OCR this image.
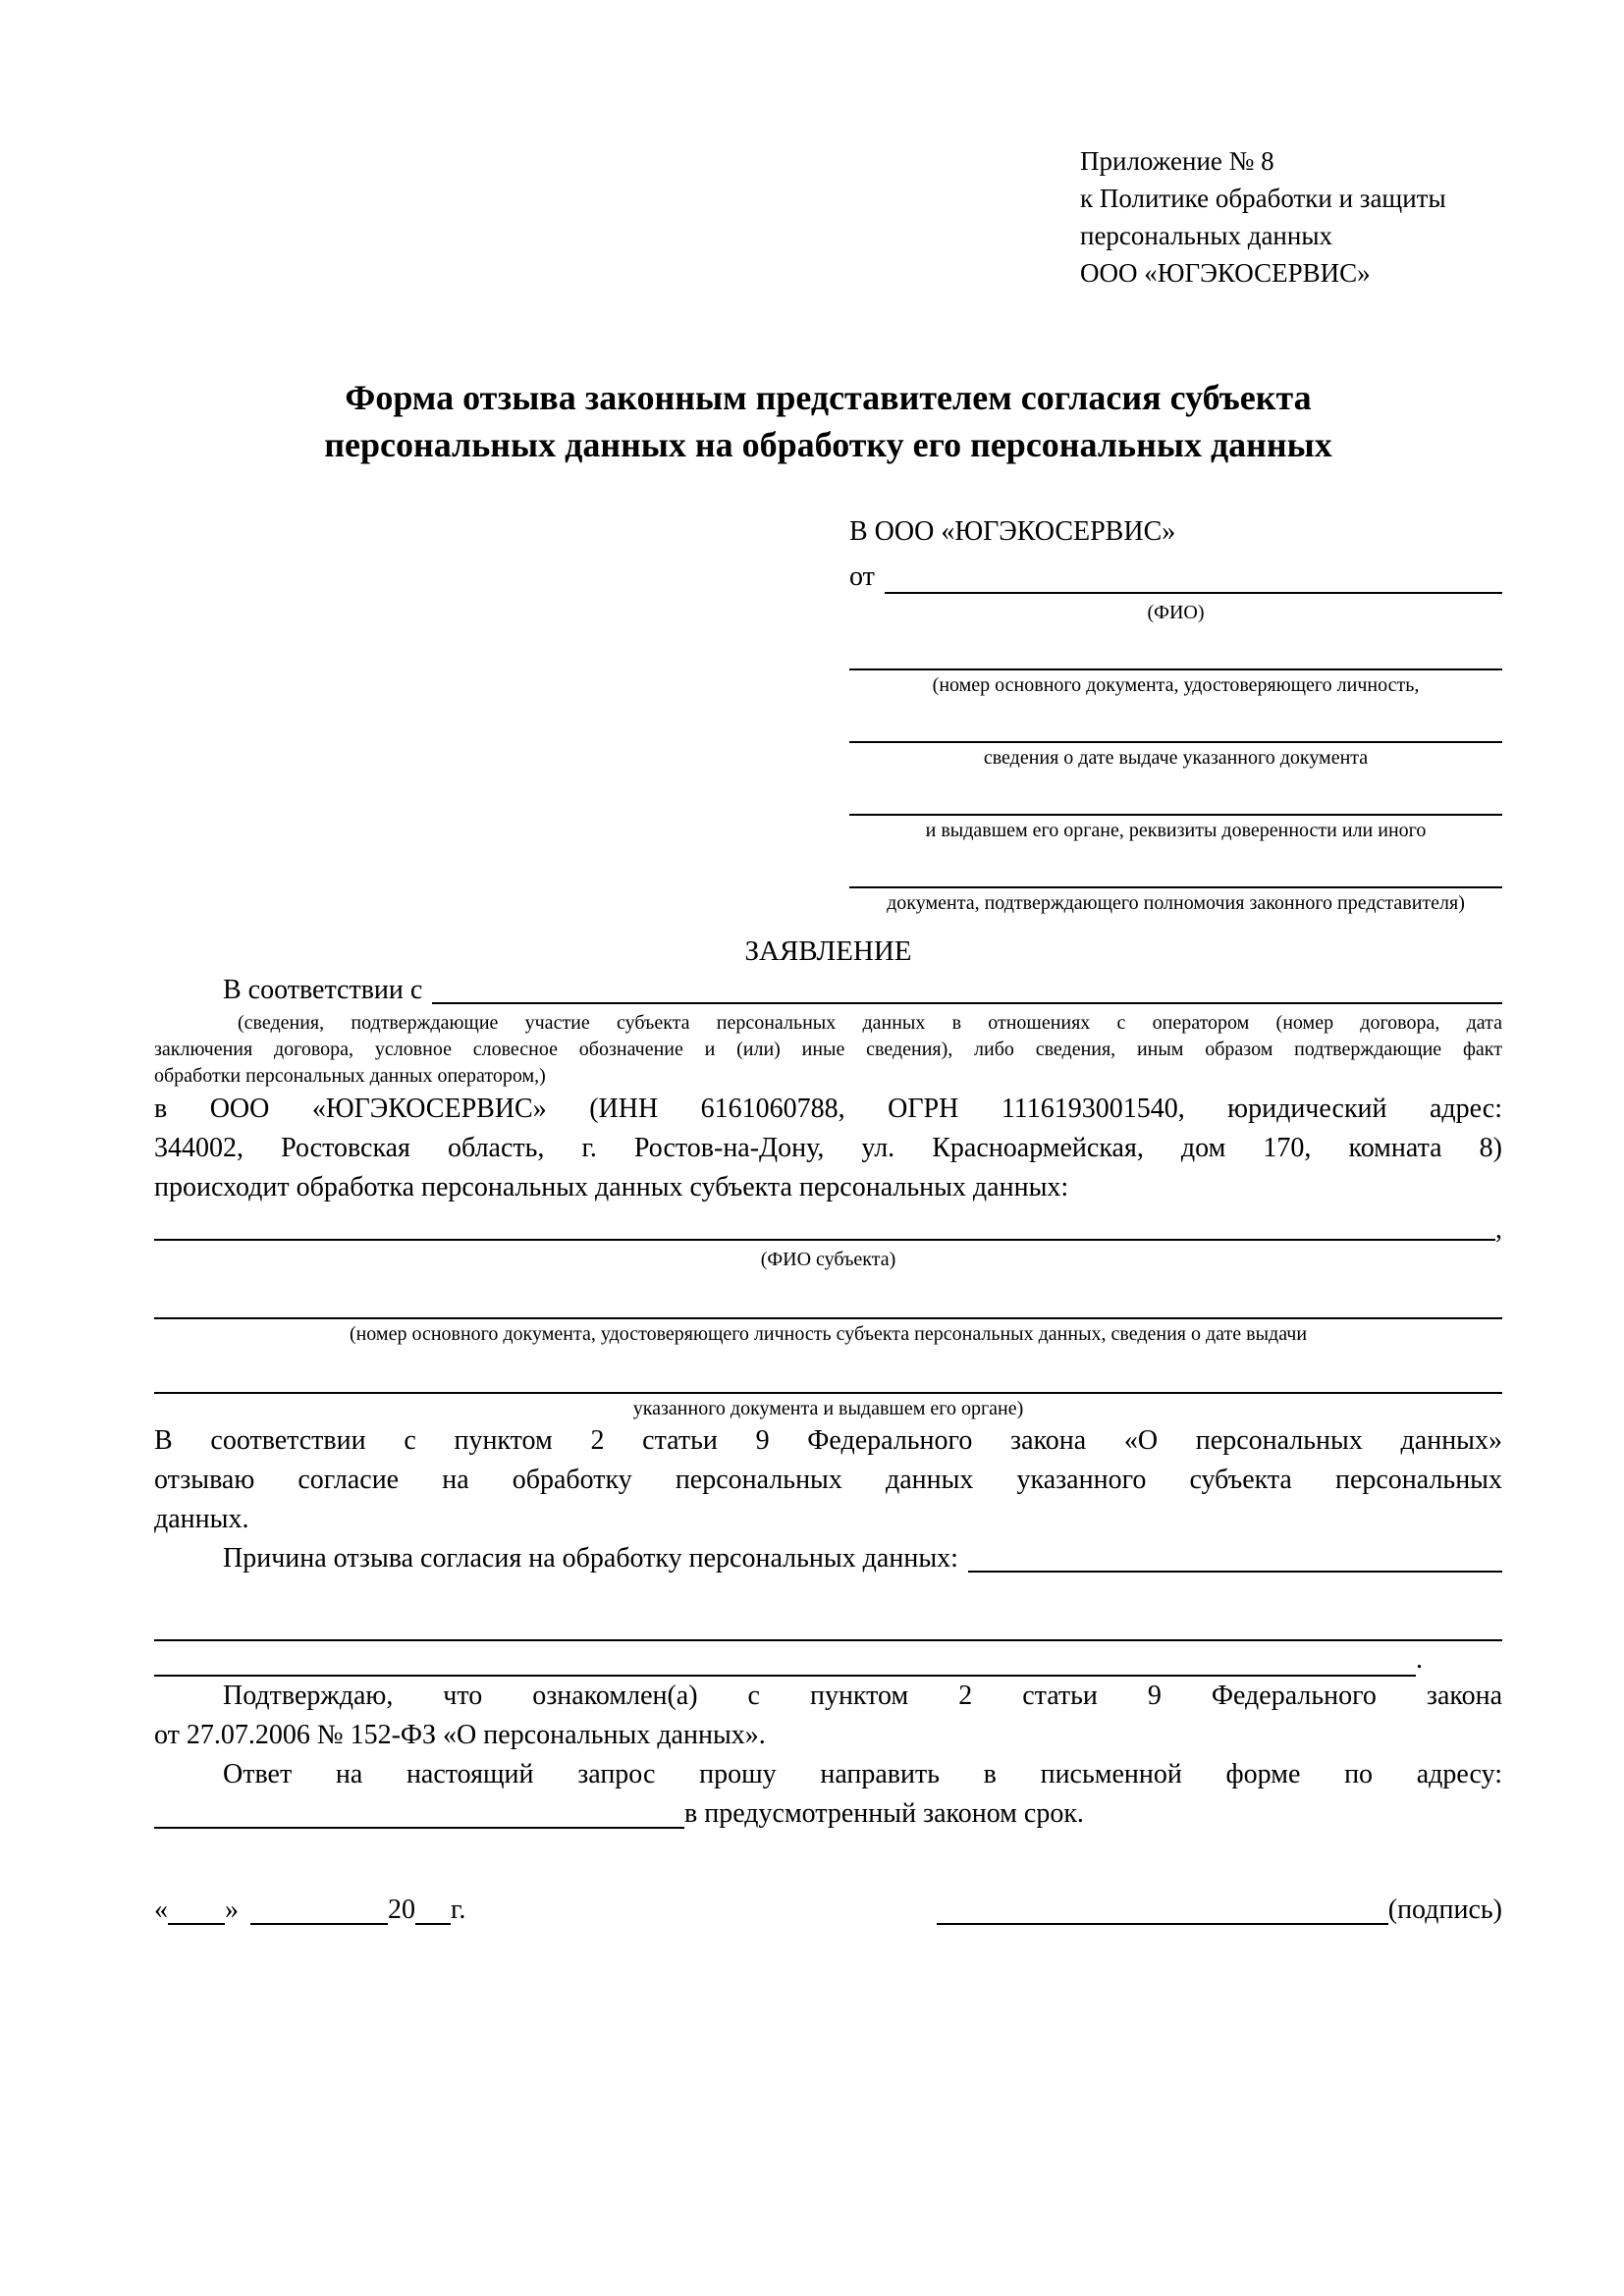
Приложение № 8
к Политике обработки и защиты
персональных данных
ООО «ЮГЭКОСЕРВИС»
Форма отзыва законным представителем согласия субъекта
персональных данных на обработку его персональных данных
В ООО «ЮГЭКОСЕРВИС»
от
(ФИО)
(номер основного документа, удостоверяющего личность,
сведения о дате выдаче указанного документа
и выдавшем его органе, реквизиты доверенности или иного
документа, подтверждающего полномочия законного представителя)
ЗАЯВЛЕНИЕ
В соответствии с
(сведения, подтверждающие участие субъекта персональных данных в отношениях с оператором (номер договора, дата
заключения договора, условное словесное обозначение и (или) иные сведения), либо сведения, иным образом подтверждающие факт
обработки персональных данных оператором,)
в ООО «ЮГЭКОСЕРВИС» (ИНН 6161060788, ОГРН 1116193001540, юридический адрес:
344002, Ростовская область, г. Ростов-на-Дону, ул. Красноармейская, дом 170, комната 8)
происходит обработка персональных данных субъекта персональных данных:
,
(ФИО субъекта)
(номер основного документа, удостоверяющего личность субъекта персональных данных, сведения о дате выдачи
указанного документа и выдавшем его органе)
В соответствии с пунктом 2 статьи 9 Федерального закона «О персональных данных»
отзываю согласие на обработку персональных данных указанного субъекта персональных
данных.
Причина отзыва согласия на обработку персональных данных:
.
Подтверждаю, что ознакомлен(а) с пунктом 2 статьи 9 Федерального закона
от 27.07.2006 № 152-ФЗ «О персональных данных».
Ответ на настоящий запрос прошу направить в письменной форме по адресу:
в предусмотренный законом срок.
« »	20 г.	(подпись)
